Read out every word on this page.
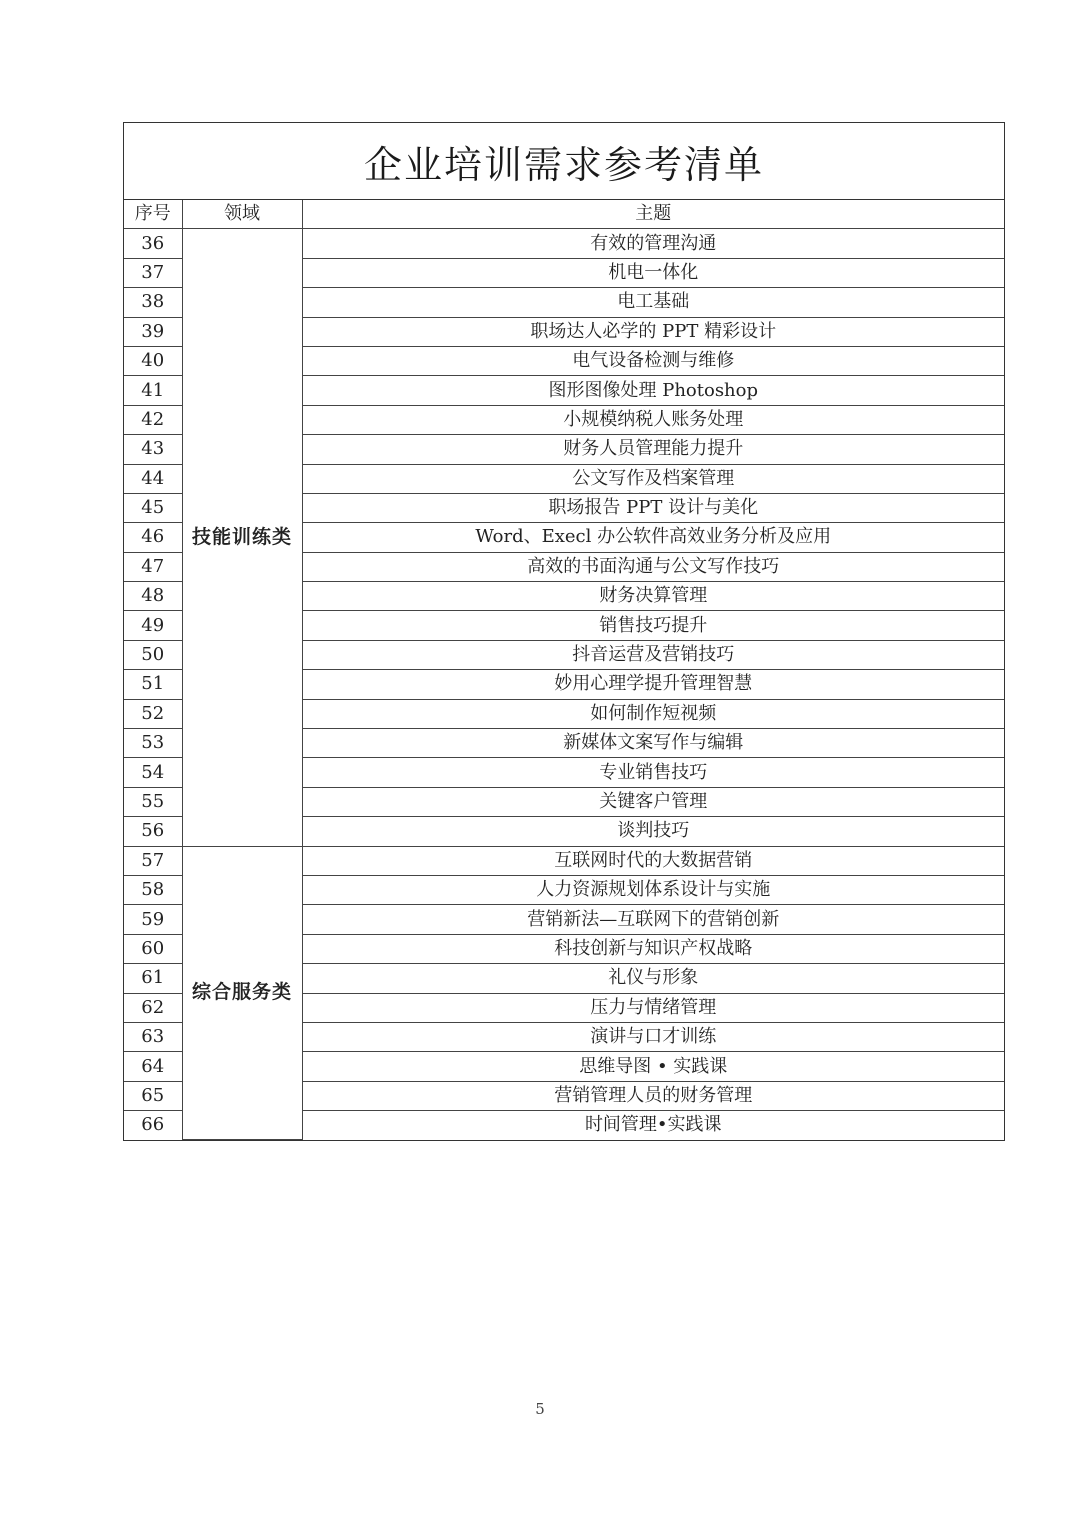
企业培训需求参考清单
序号	领域	主题
36	技能训练类	有效的管理沟通
37		机电一体化
38		电工基础
39		职场达人必学的 PPT 精彩设计
40		电气设备检测与维修
41		图形图像处理 Photoshop
42		小规模纳税人账务处理
43		财务人员管理能力提升
44		公文写作及档案管理
45		职场报告 PPT 设计与美化
46		Word、Execl 办公软件高效业务分析及应用
47		高效的书面沟通与公文写作技巧
48		财务决算管理
49		销售技巧提升
50		抖音运营及营销技巧
51		妙用心理学提升管理智慧
52		如何制作短视频
53		新媒体文案写作与编辑
54		专业销售技巧
55		关键客户管理
56		谈判技巧
57	综合服务类	互联网时代的大数据营销
58		人力资源规划体系设计与实施
59		营销新法—互联网下的营销创新
60		科技创新与知识产权战略
61		礼仪与形象
62		压力与情绪管理
63		演讲与口才训练
64		思维导图 • 实践课
65		营销管理人员的财务管理
66		时间管理•实践课
5
